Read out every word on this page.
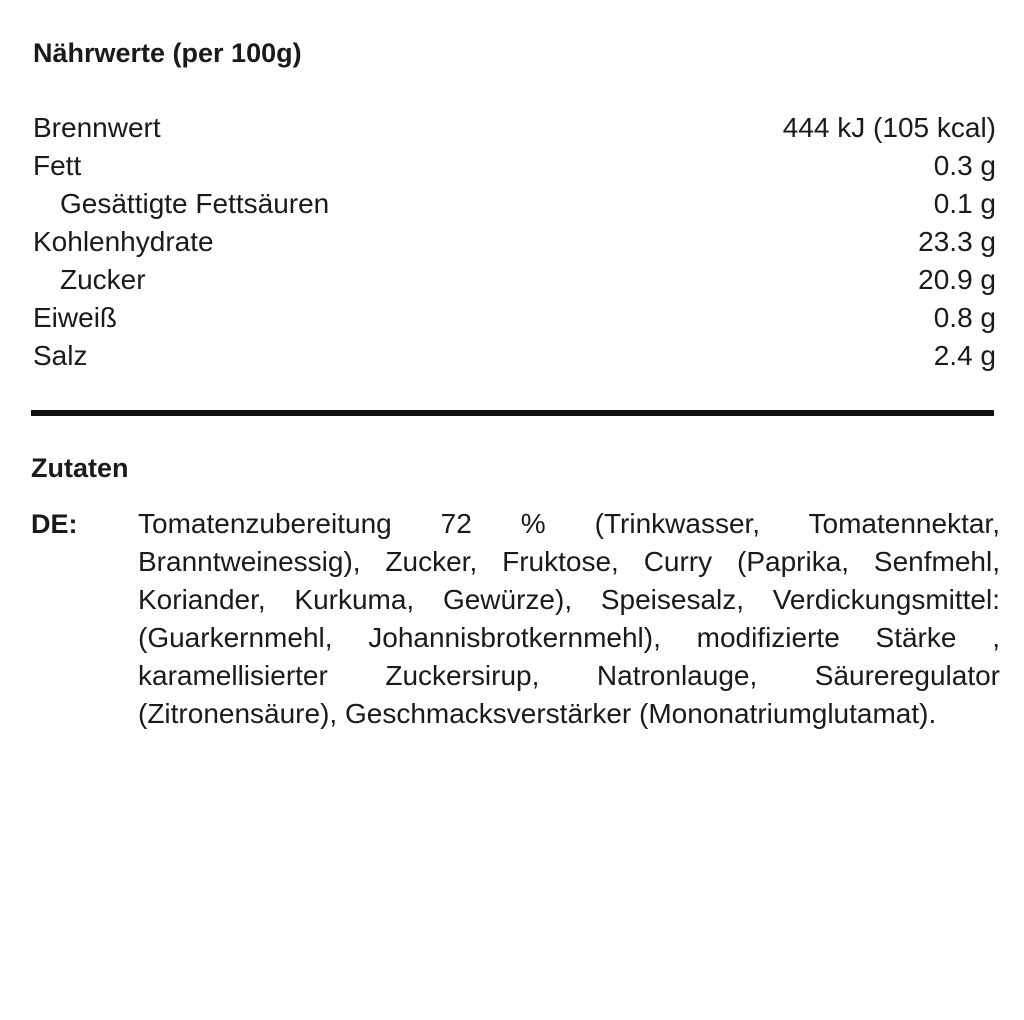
Nährwerte (per 100g)
Brennwert	444 kJ (105 kcal)
Fett	0.3 g
Gesättigte Fettsäuren	0.1 g
Kohlenhydrate	23.3 g
Zucker	20.9 g
Eiweiß	0.8 g
Salz	2.4 g
Zutaten
DE: Tomatenzubereitung 72 % (Trinkwasser, Tomatennektar, Branntweinessig), Zucker, Fruktose, Curry (Paprika, Senfmehl, Koriander, Kurkuma, Gewürze), Speisesalz, Verdickungsmittel: (Guarkernmehl, Johannisbrotkernmehl), modifizierte Stärke , karamellisierter Zuckersirup, Natronlauge, Säureregulator (Zitronensäure), Geschmacksverstärker (Mononatriumglutamat).
